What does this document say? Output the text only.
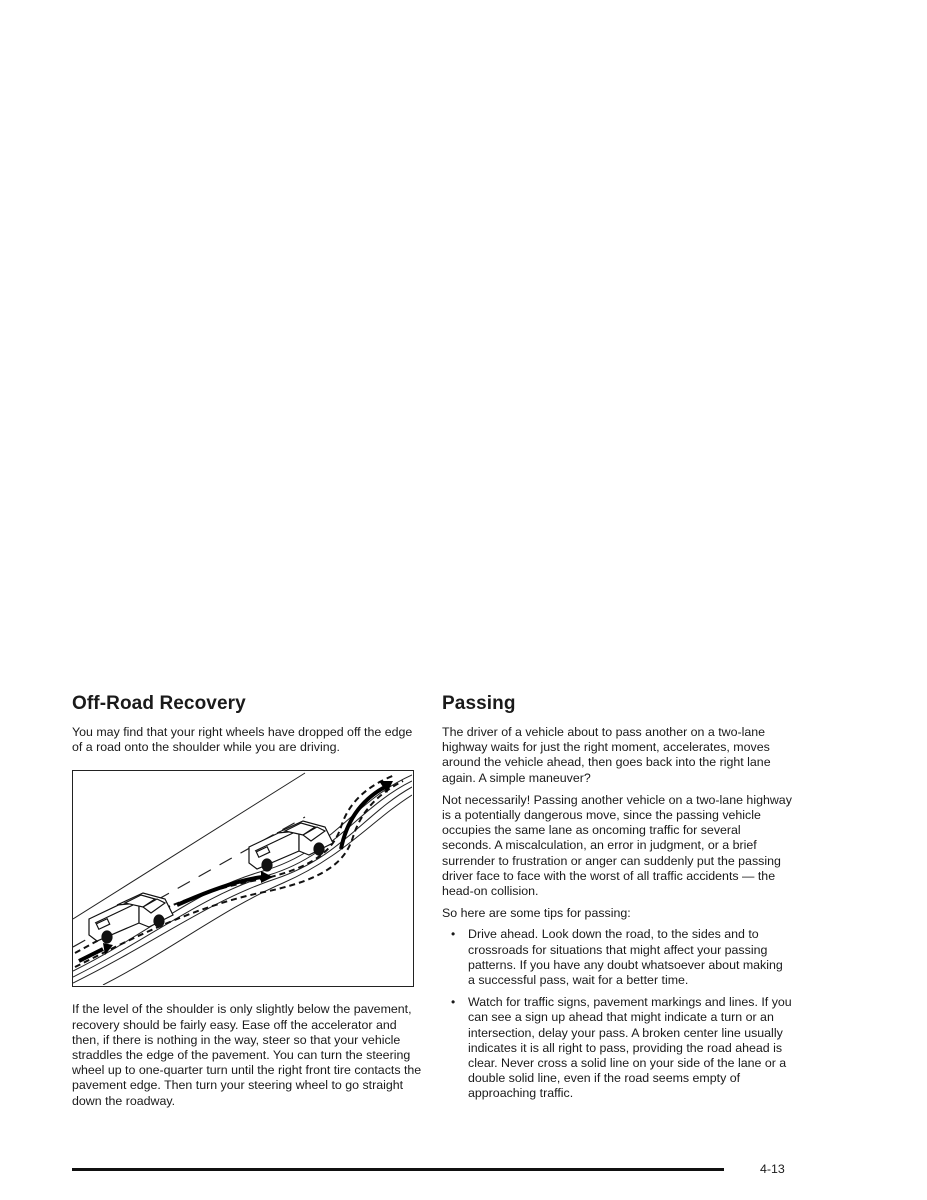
Off-Road Recovery

You may find that your right wheels have dropped off the edge of a road onto the shoulder while you are driving.

If the level of the shoulder is only slightly below the pavement, recovery should be fairly easy. Ease off the accelerator and then, if there is nothing in the way, steer so that your vehicle straddles the edge of the pavement. You can turn the steering wheel up to one-quarter turn until the right front tire contacts the pavement edge. Then turn your steering wheel to go straight down the roadway.

Passing

The driver of a vehicle about to pass another on a two-lane highway waits for just the right moment, accelerates, moves around the vehicle ahead, then goes back into the right lane again. A simple maneuver?

Not necessarily! Passing another vehicle on a two-lane highway is a potentially dangerous move, since the passing vehicle occupies the same lane as oncoming traffic for several seconds. A miscalculation, an error in judgment, or a brief surrender to frustration or anger can suddenly put the passing driver face to face with the worst of all traffic accidents — the head-on collision.

So here are some tips for passing:

• Drive ahead. Look down the road, to the sides and to crossroads for situations that might affect your passing patterns. If you have any doubt whatsoever about making a successful pass, wait for a better time.
• Watch for traffic signs, pavement markings and lines. If you can see a sign up ahead that might indicate a turn or an intersection, delay your pass. A broken center line usually indicates it is all right to pass, providing the road ahead is clear. Never cross a solid line on your side of the lane or a double solid line, even if the road seems empty of approaching traffic.
4-13
